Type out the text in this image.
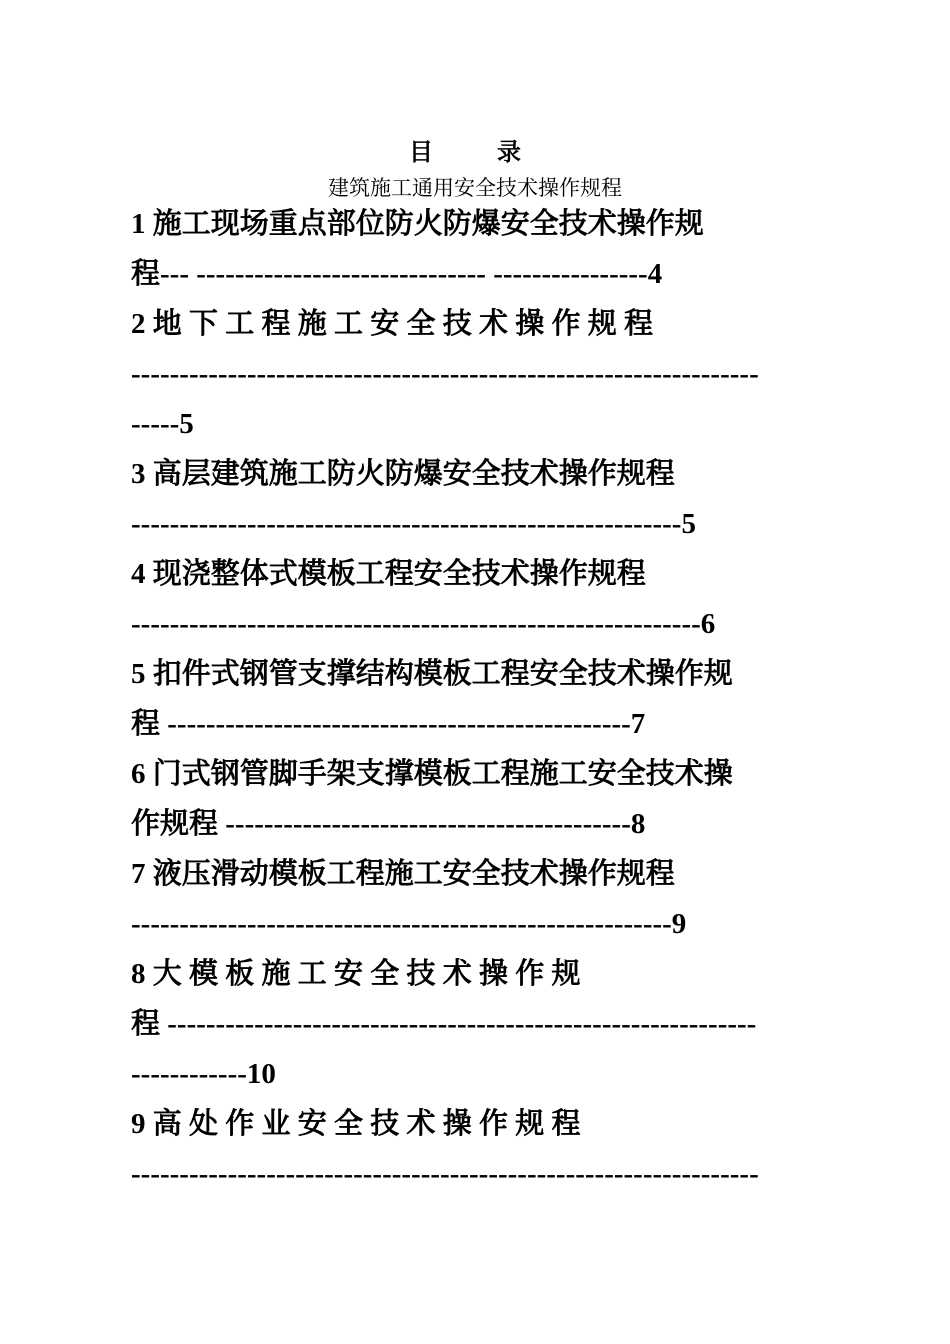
目　录
建筑施工通用安全技术操作规程
1 施工现场重点部位防火防爆安全技术操作规
程--- ------------------------------ ----------------4
2 地 下 工 程 施 工 安 全 技 术 操 作 规 程
-----------------------------------------------------------------
-----5
3 高层建筑施工防火防爆安全技术操作规程
---------------------------------------------------------5
4 现浇整体式模板工程安全技术操作规程
-----------------------------------------------------------6
5 扣件式钢管支撑结构模板工程安全技术操作规
程 ------------------------------------------------7
6 门式钢管脚手架支撑模板工程施工安全技术操
作规程 ------------------------------------------8
7 液压滑动模板工程施工安全技术操作规程
--------------------------------------------------------9
8 大 模 板 施 工 安 全 技 术 操 作 规
程 -------------------------------------------------------------
------------10
9 高 处 作 业 安 全 技 术 操 作 规 程
-----------------------------------------------------------------
